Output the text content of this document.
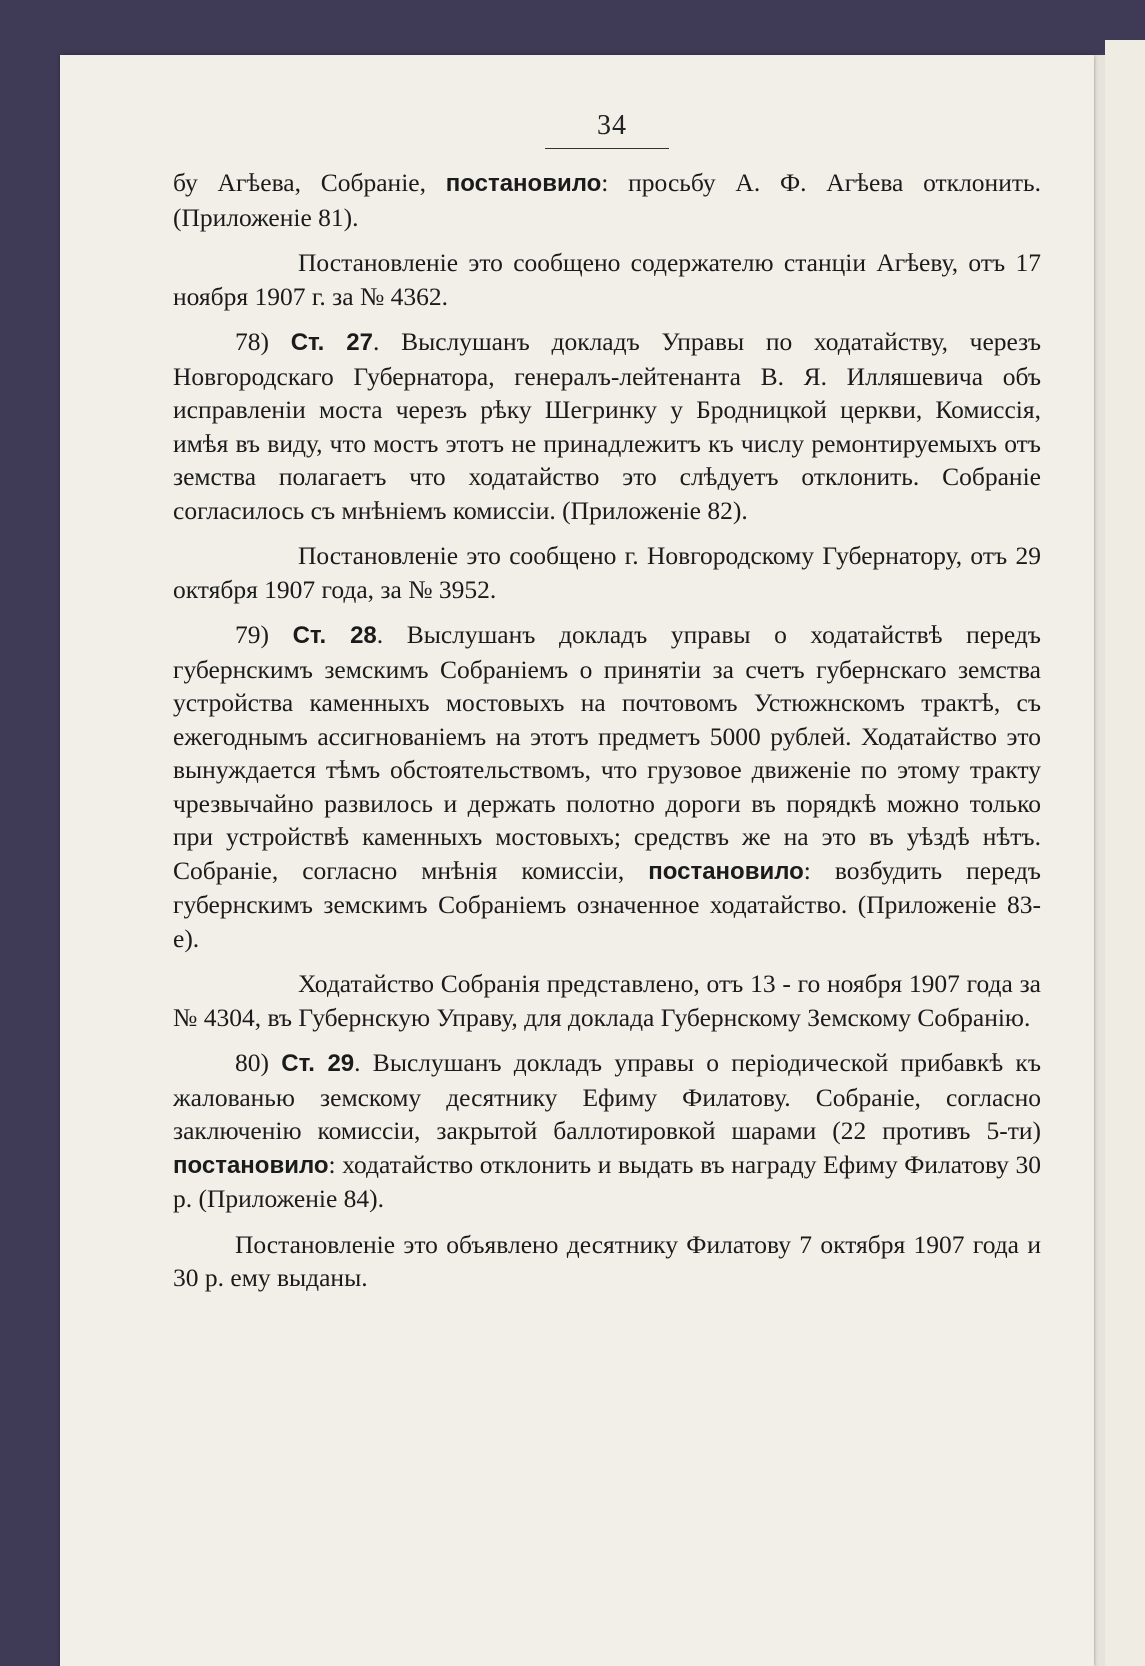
34

бу Агѣева, Собраніе, постановило: просьбу А. Ф. Агѣева отклонить. (Приложеніе 81).

Постановленіе это сообщено содержателю станціи Агѣеву, отъ 17 ноября 1907 г. за № 4362.

78) Ст. 27. Выслушанъ докладъ Управы по ходатайству, черезъ Новгородскаго Губернатора, генералъ-лейтенанта В. Я. Илляшевича объ исправленіи моста черезъ рѣку Шегринку у Бродницкой церкви, Комиссія, имѣя въ виду, что мостъ этотъ не принадлежитъ къ числу ремонтируемыхъ отъ земства полагаетъ что ходатайство это слѣдуетъ отклонить. Собраніе согласилось съ мнѣніемъ комиссіи. (Приложеніе 82).

Постановленіе это сообщено г. Новгородскому Губернатору, отъ 29 октября 1907 года, за № 3952.

79) Ст. 28. Выслушанъ докладъ управы о ходатайствѣ передъ губернскимъ земскимъ Собраніемъ о принятіи за счетъ губернскаго земства устройства каменныхъ мостовыхъ на почтовомъ Устюжнскомъ трактѣ, съ ежегоднымъ ассигнованіемъ на этотъ предметъ 5000 рублей. Ходатайство это вынуждается тѣмъ обстоятельствомъ, что грузовое движеніе по этому тракту чрезвычайно развилось и держать полотно дороги въ порядкѣ можно только при устройствѣ каменныхъ мостовыхъ; средствъ же на это въ уѣздѣ нѣтъ. Собраніе, согласно мнѣнія комиссіи, постановило: возбудить передъ губернскимъ земскимъ Собраніемъ означенное ходатайство. (Приложеніе 83-е).

Ходатайство Собранія представлено, отъ 13 - го ноября 1907 года за № 4304, въ Губернскую Управу, для доклада Губернскому Земскому Собранію.

80) Ст. 29. Выслушанъ докладъ управы о періодической прибавкѣ къ жалованью земскому десятнику Ефиму Филатову. Собраніе, согласно заключенію комиссіи, закрытой баллотировкой шарами (22 противъ 5-ти) постановило: ходатайство отклонить и выдать въ награду Ефиму Филатову 30 р. (Приложеніе 84).

Постановленіе это объявлено десятнику Филатову 7 октября 1907 года и 30 р. ему выданы.
